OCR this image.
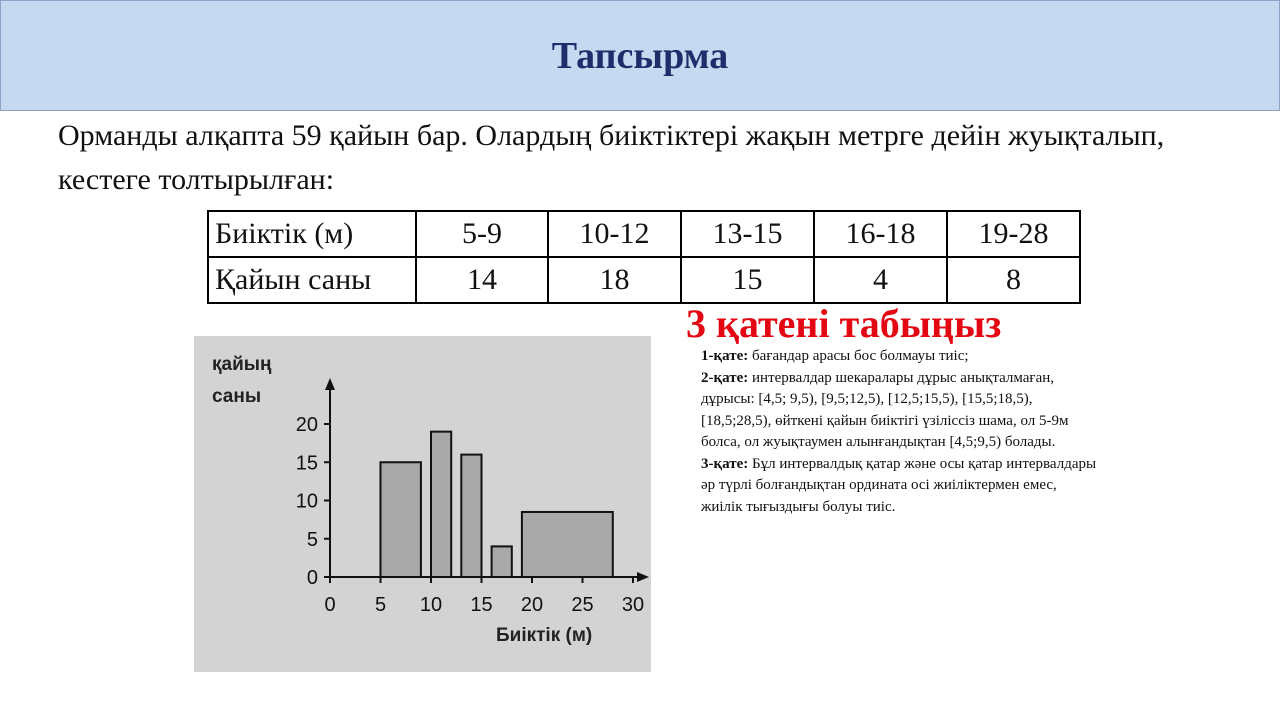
Тапсырма
Орманды алқапта 59 қайын бар. Олардың биіктіктері жақын метрге дейін жуықталып, кестеге толтырылған:
Биіктік (м)	5-9	10-12	13-15	16-18	19-28
Қайын саны	14	18	15	4	8
3 қатені табыңыз

1-қате: бағандар арасы бос болмауы тиіс;

2-қате: интервалдар шекаралары дұрыс анықталмаған, дұрысы: [4,5; 9,5), [9,5;12,5), [12,5;15,5), [15,5;18,5), [18,5;28,5), өйткені қайын биіктігі үзіліссіз шама, ол 5-9м болса, ол жуықтаумен алынғандықтан [4,5;9,5) болады.

3-қате: Бұл интервалдық қатар және осы қатар интервалдары әр түрлі болғандықтан ордината осі жиіліктермен емес, жиілік тығыздығы болуы тиіс.

0
5
10
15
20
0 5 10 15 20 25 30
қайың
саны
Биіктік (м)
